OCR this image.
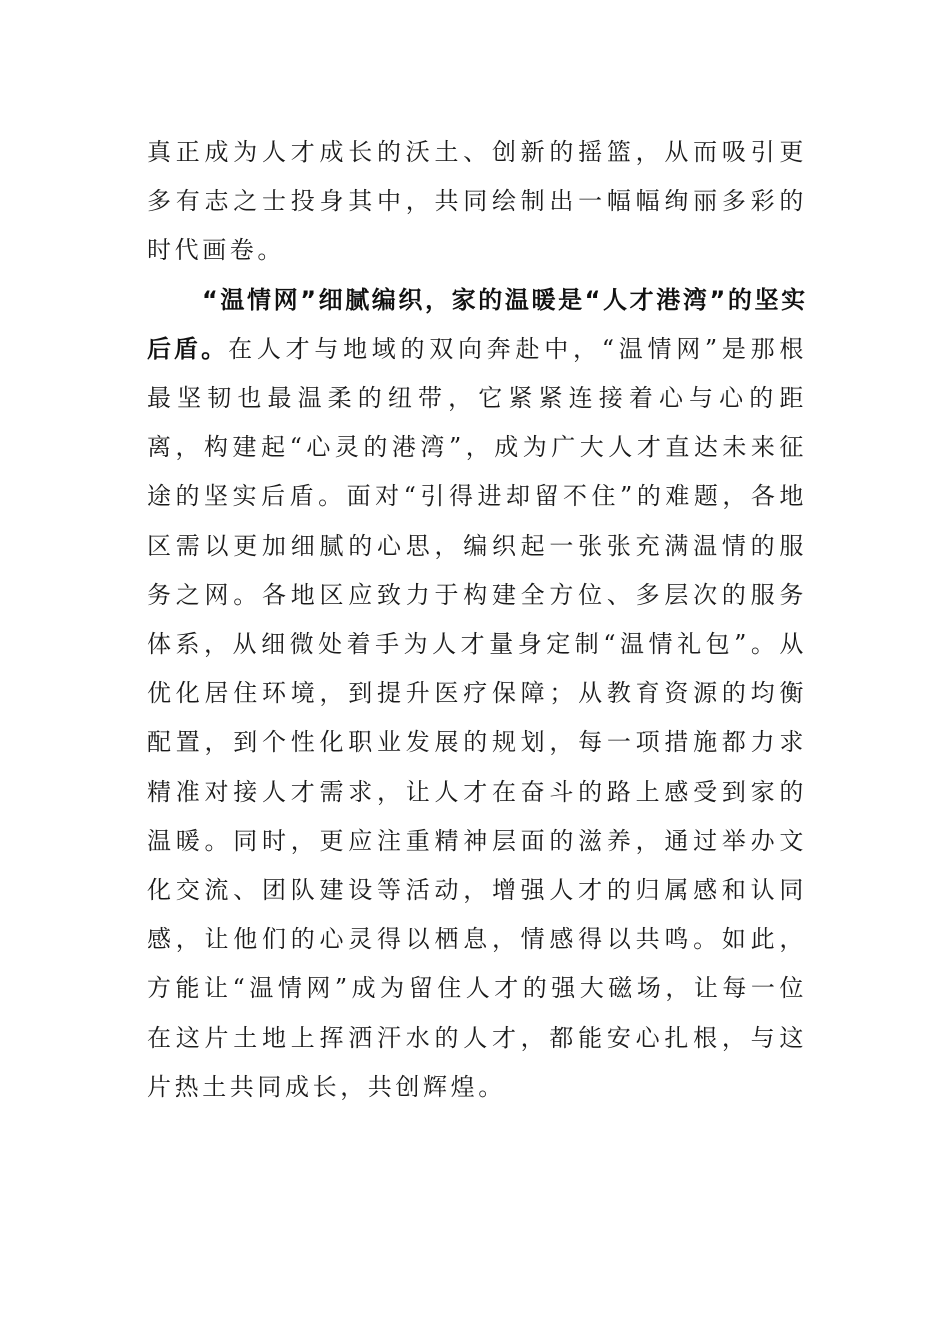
真正成为人才成长的沃土、创新的摇篮，从而吸引更多有志之士投身其中，共同绘制出一幅幅绚丽多彩的时代画卷。

“温情网”细腻编织，家的温暖是“人才港湾”的坚实后盾。在人才与地域的双向奔赴中，“温情网”是那根最坚韧也最温柔的纽带，它紧紧连接着心与心的距离，构建起“心灵的港湾”，成为广大人才直达未来征途的坚实后盾。面对“引得进却留不住”的难题，各地区需以更加细腻的心思，编织起一张张充满温情的服务之网。各地区应致力于构建全方位、多层次的服务体系，从细微处着手为人才量身定制“温情礼包”。从优化居住环境，到提升医疗保障；从教育资源的均衡配置，到个性化职业发展的规划，每一项措施都力求精准对接人才需求，让人才在奋斗的路上感受到家的温暖。同时，更应注重精神层面的滋养，通过举办文化交流、团队建设等活动，增强人才的归属感和认同感，让他们的心灵得以栖息，情感得以共鸣。如此，方能让“温情网”成为留住人才的强大磁场，让每一位在这片土地上挥洒汗水的人才，都能安心扎根，与这片热土共同成长，共创辉煌。
